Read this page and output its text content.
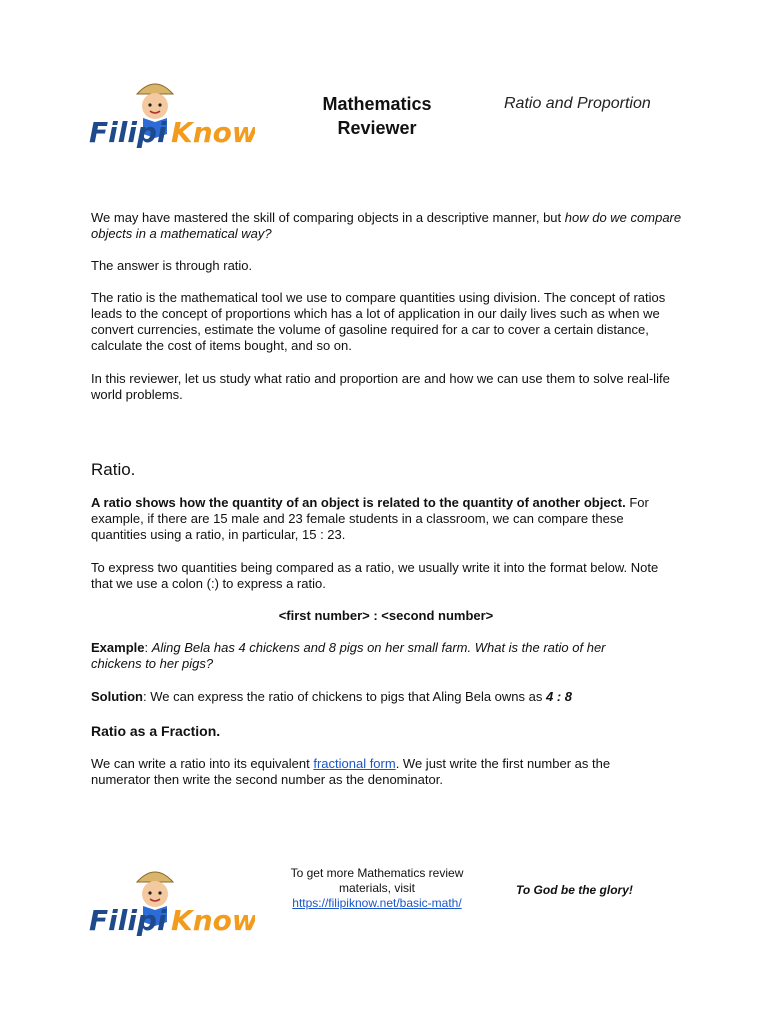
Filipi Know
Mathematics
Reviewer
Ratio and Proportion
We may have mastered the skill of comparing objects in a descriptive manner, but how do we compare objects in a mathematical way?
The answer is through ratio.
The ratio is the mathematical tool we use to compare quantities using division. The concept of ratios leads to the concept of proportions which has a lot of application in our daily lives such as when we convert currencies, estimate the volume of gasoline required for a car to cover a certain distance, calculate the cost of items bought, and so on.
In this reviewer, let us study what ratio and proportion are and how we can use them to solve real-life world problems.
Ratio.
A ratio shows how the quantity of an object is related to the quantity of another object. For example, if there are 15 male and 23 female students in a classroom, we can compare these quantities using a ratio, in particular, 15 : 23.
To express two quantities being compared as a ratio, we usually write it into the format below. Note that we use a colon (:) to express a ratio.
<first number> : <second number>
Example: Aling Bela has 4 chickens and 8 pigs on her small farm. What is the ratio of her chickens to her pigs?
Solution: We can express the ratio of chickens to pigs that Aling Bela owns as 4 : 8
Ratio as a Fraction.
We can write a ratio into its equivalent fractional form. We just write the first number as the numerator then write the second number as the denominator.
Filipi Know
To get more Mathematics review materials, visit
https://filipiknow.net/basic-math/
To God be the glory!
